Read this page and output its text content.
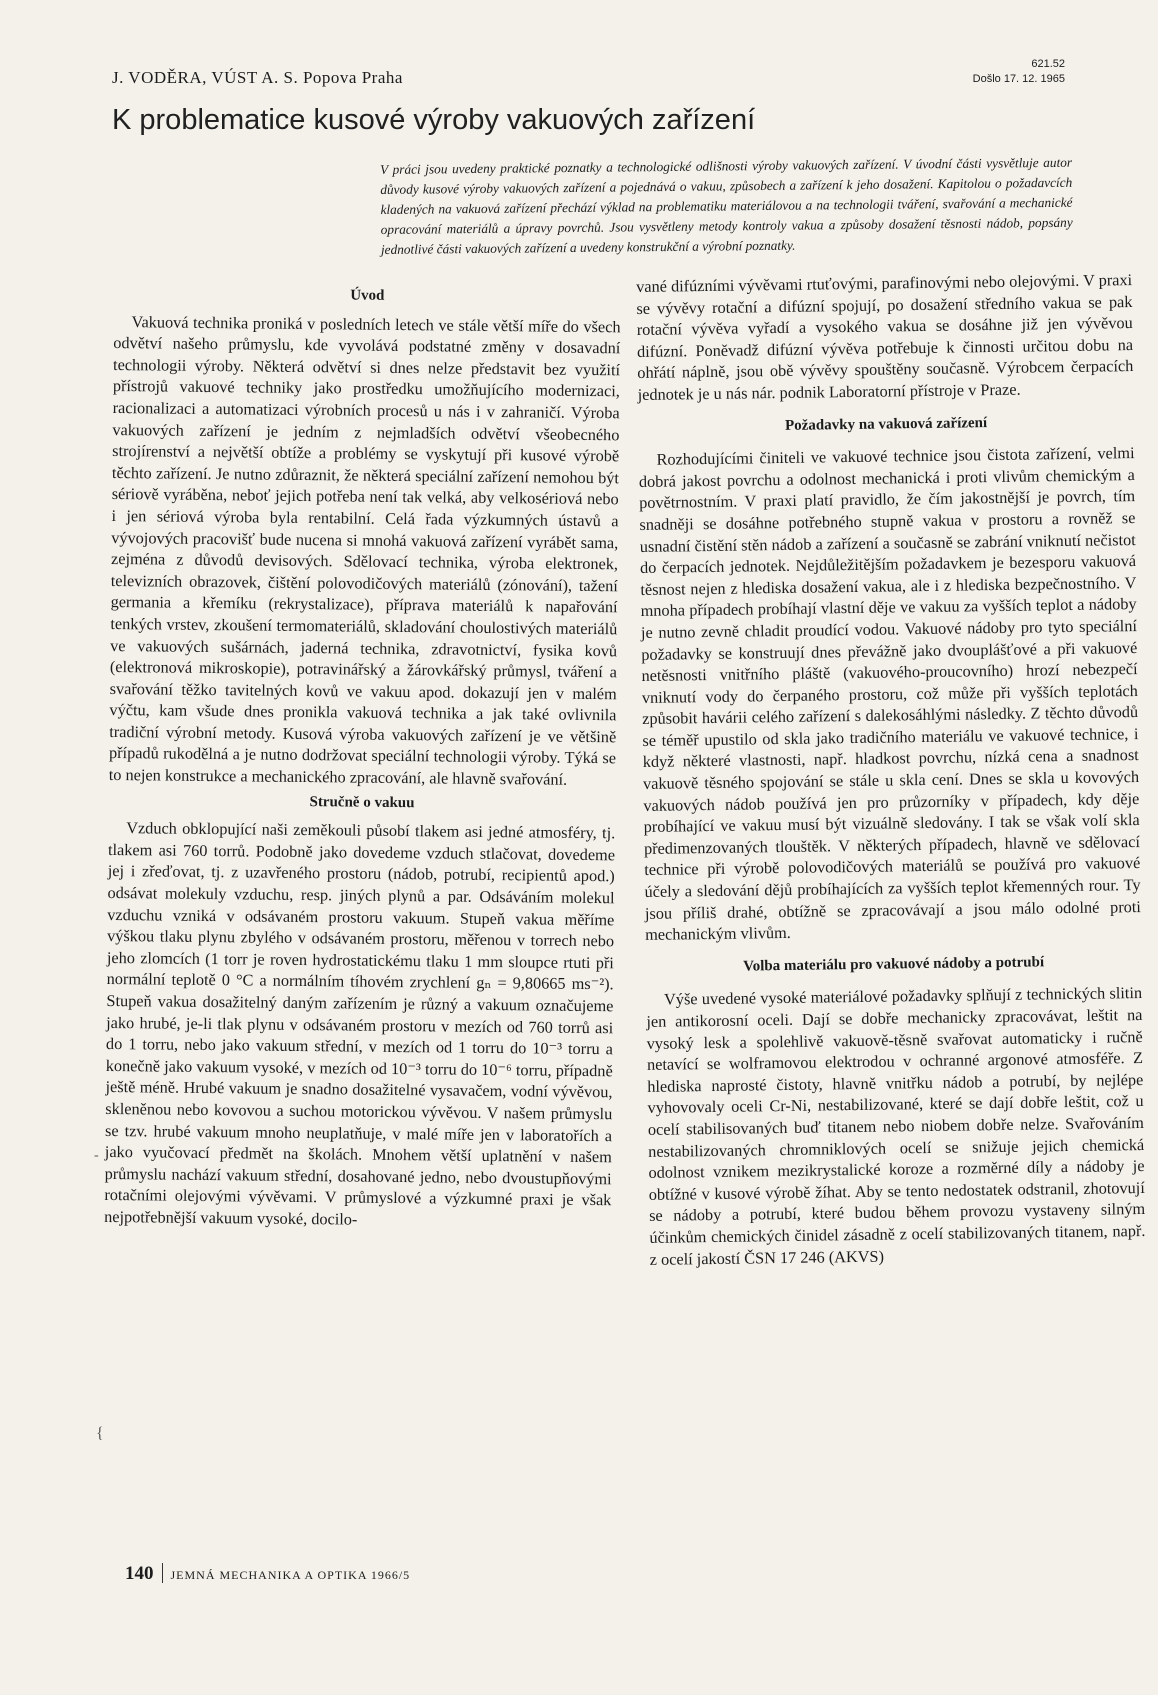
J. VODĚRA, VÚST A. S. Popova Praha
621.52
Došlo 17. 12. 1965
K problematice kusové výroby vakuových zařízení
V práci jsou uvedeny praktické poznatky a technologické odlišnosti výroby vakuových zařízení. V úvodní části vysvětluje autor důvody kusové výroby vakuových zařízení a pojednává o vakuu, způsobech a zařízení k jeho dosažení. Kapitolou o požadavcích kladených na vakuová zařízení přechází výklad na problematiku materiálovou a na technologii tváření, svařování a mechanické opracování materiálů a úpravy povrchů. Jsou vysvětleny metody kontroly vakua a způsoby dosažení těsnosti nádob, popsány jednotlivé části vakuových zařízení a uvedeny konstrukční a výrobní poznatky.
Úvod

Vakuová technika proniká v posledních letech ve stále větší míře do všech odvětví našeho průmyslu, kde vyvolává podstatné změny v dosavadní technologii výroby. Některá odvětví si dnes nelze představit bez využití přístrojů vakuové techniky jako prostředku umožňujícího modernizaci, racionalizaci a automatizaci výrobních procesů u nás i v zahraničí. Výroba vakuových zařízení je jedním z nejmladších odvětví všeobecného strojírenství a největší obtíže a problémy se vyskytují při kusové výrobě těchto zařízení. Je nutno zdůraznit, že některá speciální zařízení nemohou být sériově vyráběna, neboť jejich potřeba není tak velká, aby velkosériová nebo i jen sériová výroba byla rentabilní. Celá řada výzkumných ústavů a vývojových pracovišť bude nucena si mnohá vakuová zařízení vyrábět sama, zejména z důvodů devisových. Sdělovací technika, výroba elektronek, televizních obrazovek, čištění polovodičových materiálů (zónování), tažení germania a křemíku (rekrystalizace), příprava materiálů k napařování tenkých vrstev, zkoušení termomateriálů, skladování choulostivých materiálů ve vakuových sušárnách, jaderná technika, zdravotnictví, fysika kovů (elektronová mikroskopie), potravinářský a žárovkářský průmysl, tváření a svařování těžko tavitelných kovů ve vakuu apod. dokazují jen v malém výčtu, kam všude dnes pronikla vakuová technika a jak také ovlivnila tradiční výrobní metody. Kusová výroba vakuových zařízení je ve většině případů rukodělná a je nutno dodržovat speciální technologii výroby. Týká se to nejen konstrukce a mechanického zpracování, ale hlavně svařování.

Stručně o vakuu

Vzduch obklopující naši zeměkouli působí tlakem asi jedné atmosféry, tj. tlakem asi 760 torrů. Podobně jako dovedeme vzduch stlačovat, dovedeme jej i zřeďovat, tj. z uzavřeného prostoru (nádob, potrubí, recipientů apod.) odsávat molekuly vzduchu, resp. jiných plynů a par. Odsáváním molekul vzduchu vzniká v odsávaném prostoru vakuum. Stupeň vakua měříme výškou tlaku plynu zbylého v odsávaném prostoru, měřenou v torrech nebo jeho zlomcích (1 torr je roven hydrostatickému tlaku 1 mm sloupce rtuti při normální teplotě 0 °C a normálním tíhovém zrychlení gₙ = 9,80665 ms⁻²). Stupeň vakua dosažitelný daným zařízením je různý a vakuum označujeme jako hrubé, je-li tlak plynu v odsávaném prostoru v mezích od 760 torrů asi do 1 torru, nebo jako vakuum střední, v mezích od 1 torru do 10⁻³ torru a konečně jako vakuum vysoké, v mezích od 10⁻³ torru do 10⁻⁶ torru, případně ještě méně. Hrubé vakuum je snadno dosažitelné vysavačem, vodní vývěvou, skleněnou nebo kovovou a suchou motorickou vývěvou. V našem průmyslu se tzv. hrubé vakuum mnoho neuplatňuje, v malé míře jen v laboratořích a jako vyučovací předmět na školách. Mnohem větší uplatnění v našem průmyslu nachází vakuum střední, dosahované jedno, nebo dvoustupňovými rotačními olejovými vývěvami. V průmyslové a výzkumné praxi je však nejpotřebnější vakuum vysoké, docilo-

vané difúzními vývěvami rtuťovými, parafinovými nebo olejovými. V praxi se vývěvy rotační a difúzní spojují, po dosažení středního vakua se pak rotační vývěva vyřadí a vysokého vakua se dosáhne již jen vývěvou difúzní. Poněvadž difúzní vývěva potřebuje k činnosti určitou dobu na ohřátí náplně, jsou obě vývěvy spouštěny současně. Výrobcem čerpacích jednotek je u nás nár. podnik Laboratorní přístroje v Praze.

Požadavky na vakuová zařízení

Rozhodujícími činiteli ve vakuové technice jsou čistota zařízení, velmi dobrá jakost povrchu a odolnost mechanická i proti vlivům chemickým a povětrnostním. V praxi platí pravidlo, že čím jakostnější je povrch, tím snadněji se dosáhne potřebného stupně vakua v prostoru a rovněž se usnadní čistění stěn nádob a zařízení a současně se zabrání vniknutí nečistot do čerpacích jednotek. Nejdůležitějším požadavkem je bezesporu vakuová těsnost nejen z hlediska dosažení vakua, ale i z hlediska bezpečnostního. V mnoha případech probíhají vlastní děje ve vakuu za vyšších teplot a nádoby je nutno zevně chladit proudící vodou. Vakuové nádoby pro tyto speciální požadavky se konstruují dnes převážně jako dvouplášťové a při vakuové netěsnosti vnitřního pláště (vakuového-proucovního) hrozí nebezpečí vniknutí vody do čerpaného prostoru, což může při vyšších teplotách způsobit havárii celého zařízení s dalekosáhlými následky. Z těchto důvodů se téměř upustilo od skla jako tradičního materiálu ve vakuové technice, i když některé vlastnosti, např. hladkost povrchu, nízká cena a snadnost vakuově těsného spojování se stále u skla cení. Dnes se skla u kovových vakuových nádob používá jen pro průzorníky v případech, kdy děje probíhající ve vakuu musí být vizuálně sledovány. I tak se však volí skla předimenzovaných tlouštěk. V některých případech, hlavně ve sdělovací technice při výrobě polovodičových materiálů se používá pro vakuové účely a sledování dějů probíhajících za vyšších teplot křemenných rour. Ty jsou příliš drahé, obtížně se zpracovávají a jsou málo odolné proti mechanickým vlivům.

Volba materiálu pro vakuové nádoby a potrubí

Výše uvedené vysoké materiálové požadavky splňují z technických slitin jen antikorosní oceli. Dají se dobře mechanicky zpracovávat, leštit na vysoký lesk a spolehlivě vakuově-těsně svařovat automaticky i ručně netavící se wolframovou elektrodou v ochranné argonové atmosféře. Z hlediska naprosté čistoty, hlavně vnitřku nádob a potrubí, by nejlépe vyhovovaly oceli Cr-Ni, nestabilizované, které se dají dobře leštit, což u ocelí stabilisovaných buď titanem nebo niobem dobře nelze. Svařováním nestabilizovaných chromniklových ocelí se snižuje jejich chemická odolnost vznikem mezikrystalické koroze a rozměrné díly a nádoby je obtížné v kusové výrobě žíhat. Aby se tento nedostatek odstranil, zhotovují se nádoby a potrubí, které budou během provozu vystaveny silným účinkům chemických činidel zásadně z ocelí stabilizovaných titanem, např. z ocelí jakostí ČSN 17 246 (AKVS)

140 JEMNÁ MECHANIKA A OPTIKA 1966/5
-
{
